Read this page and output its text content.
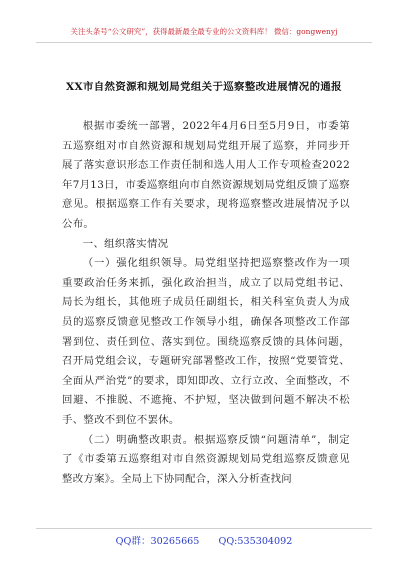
关注头条号“公文研究”，获得最新最全最专业的公文资料库！ 微信：gongwenyj
XX市自然资源和规划局党组关于巡察整改进展情况的通报

根据市委统一部署，2022年4月6日至5月9日，市委第五巡察组对市自然资源和规划局党组开展了巡察，并同步开展了落实意识形态工作责任制和选人用人工作专项检查2022年7月13日，市委巡察组向市自然资源规划局党组反馈了巡察意见。根据巡察工作有关要求，现将巡察整改进展情况予以公布。

一、组织落实情况

（一）强化组织领导。局党组坚持把巡察整改作为一项重要政治任务来抓，强化政治担当，成立了以局党组书记、局长为组长，其他班子成员任副组长，相关科室负责人为成员的巡察反馈意见整改工作领导小组，确保各项整改工作部署到位、责任到位、落实到位。围绕巡察反馈的具体问题，召开局党组会议，专题研究部署整改工作，按照“党要管党、全面从严治党”的要求，即知即改、立行立改、全面整改，不回避、不推脱、不遮掩、不护短，坚决做到问题不解决不松手、整改不到位不罢休。

（二）明确整改职责。根据巡察反馈“问题清单”，制定了《市委第五巡察组对市自然资源规划局党组巡察反馈意见整改方案》。全局上下协同配合，深入分析查找问

QQ群：30265665 QQ:535304092
